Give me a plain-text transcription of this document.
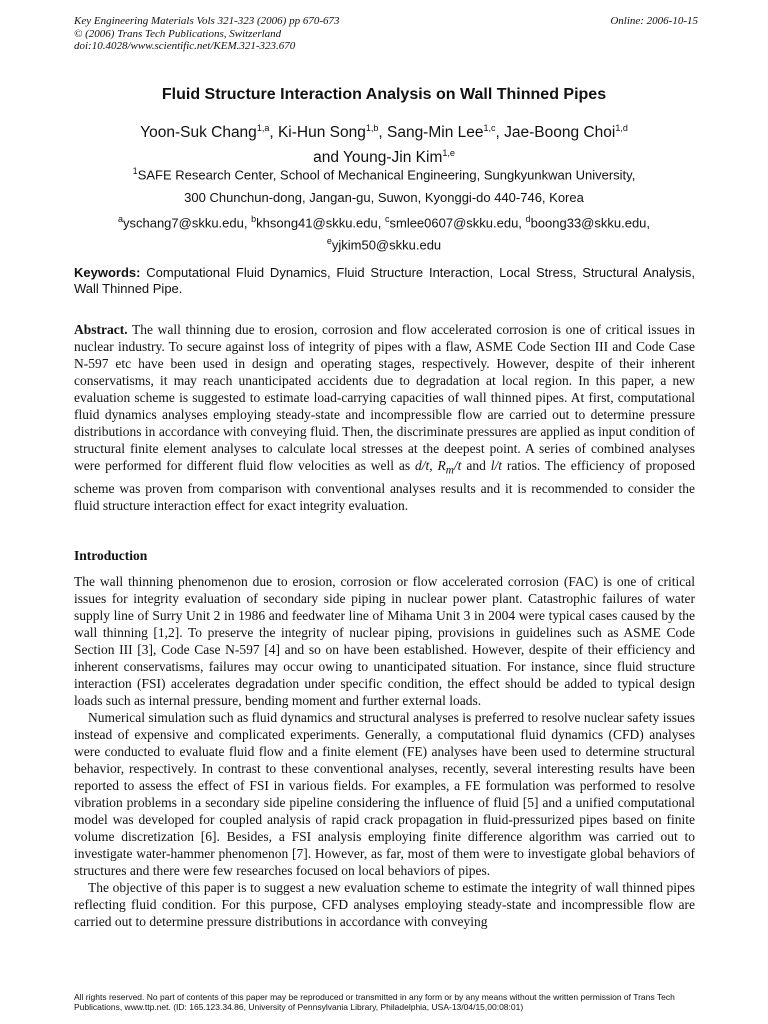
Key Engineering Materials Vols 321-323 (2006) pp 670-673
© (2006) Trans Tech Publications, Switzerland
doi:10.4028/www.scientific.net/KEM.321-323.670
Online: 2006-10-15
Fluid Structure Interaction Analysis on Wall Thinned Pipes
Yoon-Suk Chang$^{1,a}$, Ki-Hun Song$^{1,b}$, Sang-Min Lee$^{1,c}$, Jae-Boong Choi$^{1,d}$
and Young-Jin Kim$^{1,e}$
$^1$SAFE Research Center, School of Mechanical Engineering, Sungkyunkwan University,
300 Chunchun-dong, Jangan-gu, Suwon, Kyonggi-do 440-746, Korea
$^a$yschang7@skku.edu, $^b$khsong41@skku.edu, $^c$smlee0607@skku.edu, $^d$boong33@skku.edu,
$^e$yjkim50@skku.edu
Keywords: Computational Fluid Dynamics, Fluid Structure Interaction, Local Stress, Structural Analysis, Wall Thinned Pipe.
Abstract. The wall thinning due to erosion, corrosion and flow accelerated corrosion is one of critical issues in nuclear industry. To secure against loss of integrity of pipes with a flaw, ASME Code Section III and Code Case N-597 etc have been used in design and operating stages, respectively. However, despite of their inherent conservatisms, it may reach unanticipated accidents due to degradation at local region. In this paper, a new evaluation scheme is suggested to estimate load-carrying capacities of wall thinned pipes. At first, computational fluid dynamics analyses employing steady-state and incompressible flow are carried out to determine pressure distributions in accordance with conveying fluid. Then, the discriminate pressures are applied as input condition of structural finite element analyses to calculate local stresses at the deepest point. A series of combined analyses were performed for different fluid flow velocities as well as d/t, $R_m/t$ and l/t ratios. The efficiency of proposed scheme was proven from comparison with conventional analyses results and it is recommended to consider the fluid structure interaction effect for exact integrity evaluation.
Introduction

The wall thinning phenomenon due to erosion, corrosion or flow accelerated corrosion (FAC) is one of critical issues for integrity evaluation of secondary side piping in nuclear power plant. Catastrophic failures of water supply line of Surry Unit 2 in 1986 and feedwater line of Mihama Unit 3 in 2004 were typical cases caused by the wall thinning [1,2]. To preserve the integrity of nuclear piping, provisions in guidelines such as ASME Code Section III [3], Code Case N-597 [4] and so on have been established. However, despite of their efficiency and inherent conservatisms, failures may occur owing to unanticipated situation. For instance, since fluid structure interaction (FSI) accelerates degradation under specific condition, the effect should be added to typical design loads such as internal pressure, bending moment and further external loads.

Numerical simulation such as fluid dynamics and structural analyses is preferred to resolve nuclear safety issues instead of expensive and complicated experiments. Generally, a computational fluid dynamics (CFD) analyses were conducted to evaluate fluid flow and a finite element (FE) analyses have been used to determine structural behavior, respectively. In contrast to these conventional analyses, recently, several interesting results have been reported to assess the effect of FSI in various fields. For examples, a FE formulation was performed to resolve vibration problems in a secondary side pipeline considering the influence of fluid [5] and a unified computational model was developed for coupled analysis of rapid crack propagation in fluid-pressurized pipes based on finite volume discretization [6]. Besides, a FSI analysis employing finite difference algorithm was carried out to investigate water-hammer phenomenon [7]. However, as far, most of them were to investigate global behaviors of structures and there were few researches focused on local behaviors of pipes.

The objective of this paper is to suggest a new evaluation scheme to estimate the integrity of wall thinned pipes reflecting fluid condition. For this purpose, CFD analyses employing steady-state and incompressible flow are carried out to determine pressure distributions in accordance with conveying

All rights reserved. No part of contents of this paper may be reproduced or transmitted in any form or by any means without the written permission of Trans Tech Publications, www.ttp.net. (ID: 165.123.34.86, University of Pennsylvania Library, Philadelphia, USA-13/04/15,00:08:01)
